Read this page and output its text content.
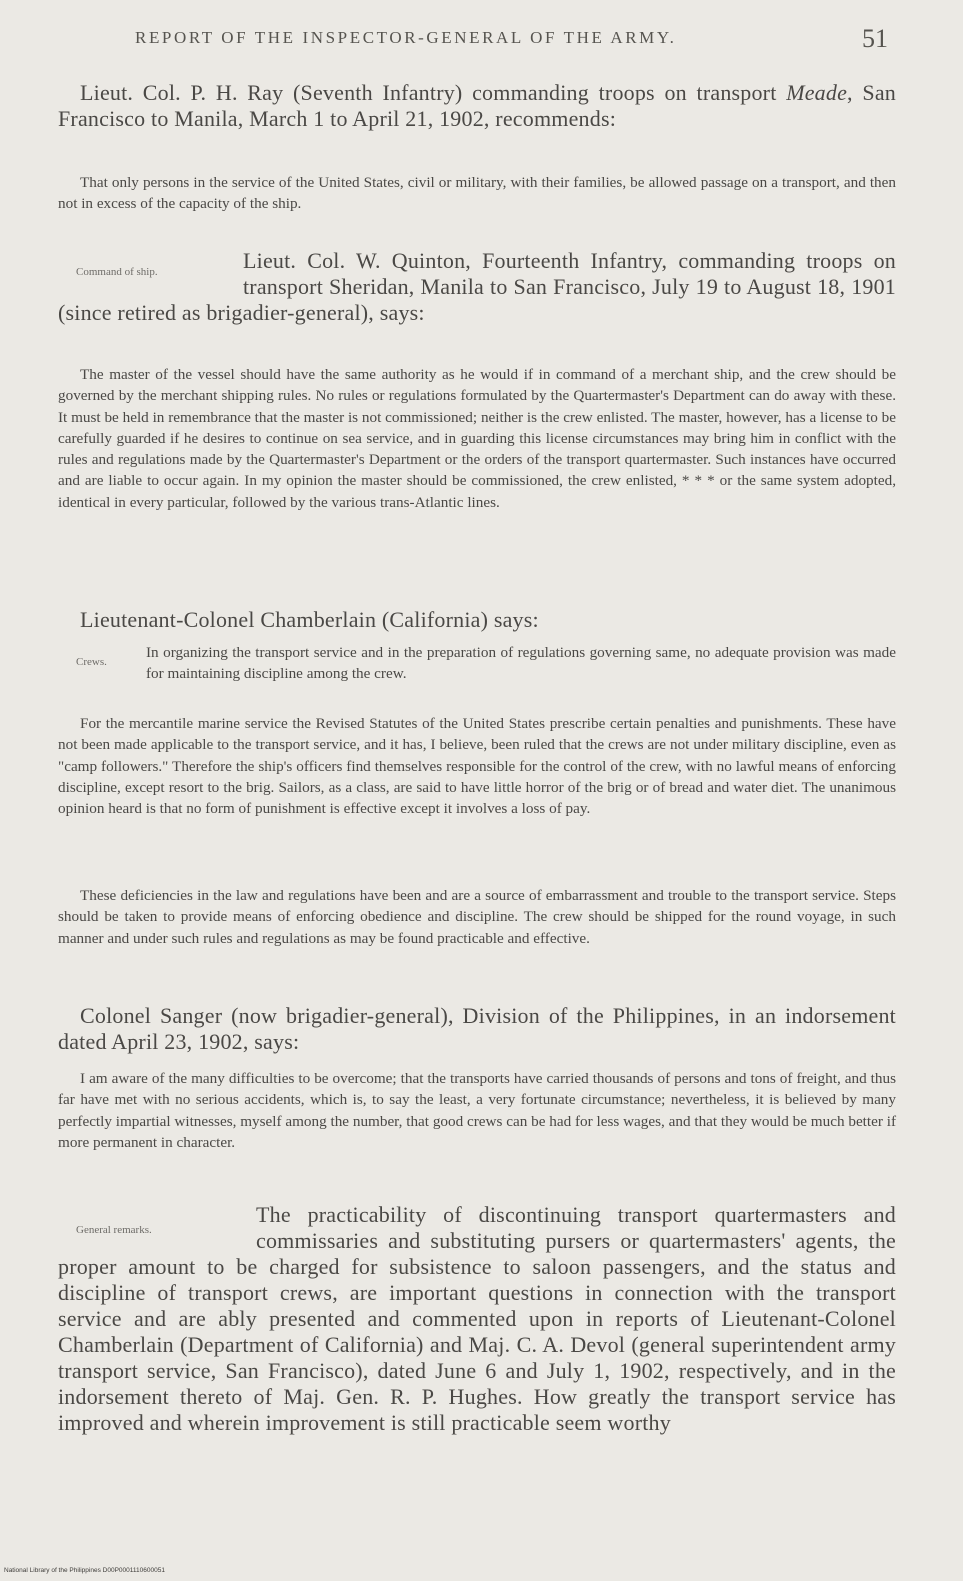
REPORT OF THE INSPECTOR-GENERAL OF THE ARMY.	51

Lieut. Col. P. H. Ray (Seventh Infantry) commanding troops on transport Meade, San Francisco to Manila, March 1 to April 21, 1902, recommends:

That only persons in the service of the United States, civil or military, with their families, be allowed passage on a transport, and then not in excess of the capacity of the ship.

Command of ship.	Lieut. Col. W. Quinton, Fourteenth Infantry, commanding troops on transport Sheridan, Manila to San Francisco, July 19 to August 18, 1901 (since retired as brigadier-general), says:

The master of the vessel should have the same authority as he would if in command of a merchant ship, and the crew should be governed by the merchant shipping rules. No rules or regulations formulated by the Quartermaster's Department can do away with these. It must be held in remembrance that the master is not commissioned; neither is the crew enlisted. The master, however, has a license to be carefully guarded if he desires to continue on sea service, and in guarding this license circumstances may bring him in conflict with the rules and regulations made by the Quartermaster's Department or the orders of the transport quartermaster. Such instances have occurred and are liable to occur again. In my opinion the master should be commissioned, the crew enlisted, * * * or the same system adopted, identical in every particular, followed by the various trans-Atlantic lines.

Lieutenant-Colonel Chamberlain (California) says:

Crews.

In organizing the transport service and in the preparation of regulations governing same, no adequate provision was made for maintaining discipline among the crew.

For the mercantile marine service the Revised Statutes of the United States prescribe certain penalties and punishments. These have not been made applicable to the transport service, and it has, I believe, been ruled that the crews are not under military discipline, even as "camp followers." Therefore the ship's officers find themselves responsible for the control of the crew, with no lawful means of enforcing discipline, except resort to the brig. Sailors, as a class, are said to have little horror of the brig or of bread and water diet. The unanimous opinion heard is that no form of punishment is effective except it involves a loss of pay.

These deficiencies in the law and regulations have been and are a source of embarrassment and trouble to the transport service. Steps should be taken to provide means of enforcing obedience and discipline. The crew should be shipped for the round voyage, in such manner and under such rules and regulations as may be found practicable and effective.

Colonel Sanger (now brigadier-general), Division of the Philippines, in an indorsement dated April 23, 1902, says:

I am aware of the many difficulties to be overcome; that the transports have carried thousands of persons and tons of freight, and thus far have met with no serious accidents, which is, to say the least, a very fortunate circumstance; nevertheless, it is believed by many perfectly impartial witnesses, myself among the number, that good crews can be had for less wages, and that they would be much better if more permanent in character.

General remarks.

The practicability of discontinuing transport quartermasters and commissaries and substituting pursers or quartermasters' agents, the proper amount to be charged for subsistence to saloon passengers, and the status and discipline of transport crews, are important questions in connection with the transport service and are ably presented and commented upon in reports of Lieutenant-Colonel Chamberlain (Department of California) and Maj. C. A. Devol (general superintendent army transport service, San Francisco), dated June 6 and July 1, 1902, respectively, and in the indorsement thereto of Maj. Gen. R. P. Hughes. How greatly the transport service has improved and wherein improvement is still practicable seem worthy

National Library of the Philippines D00P0001110600051
